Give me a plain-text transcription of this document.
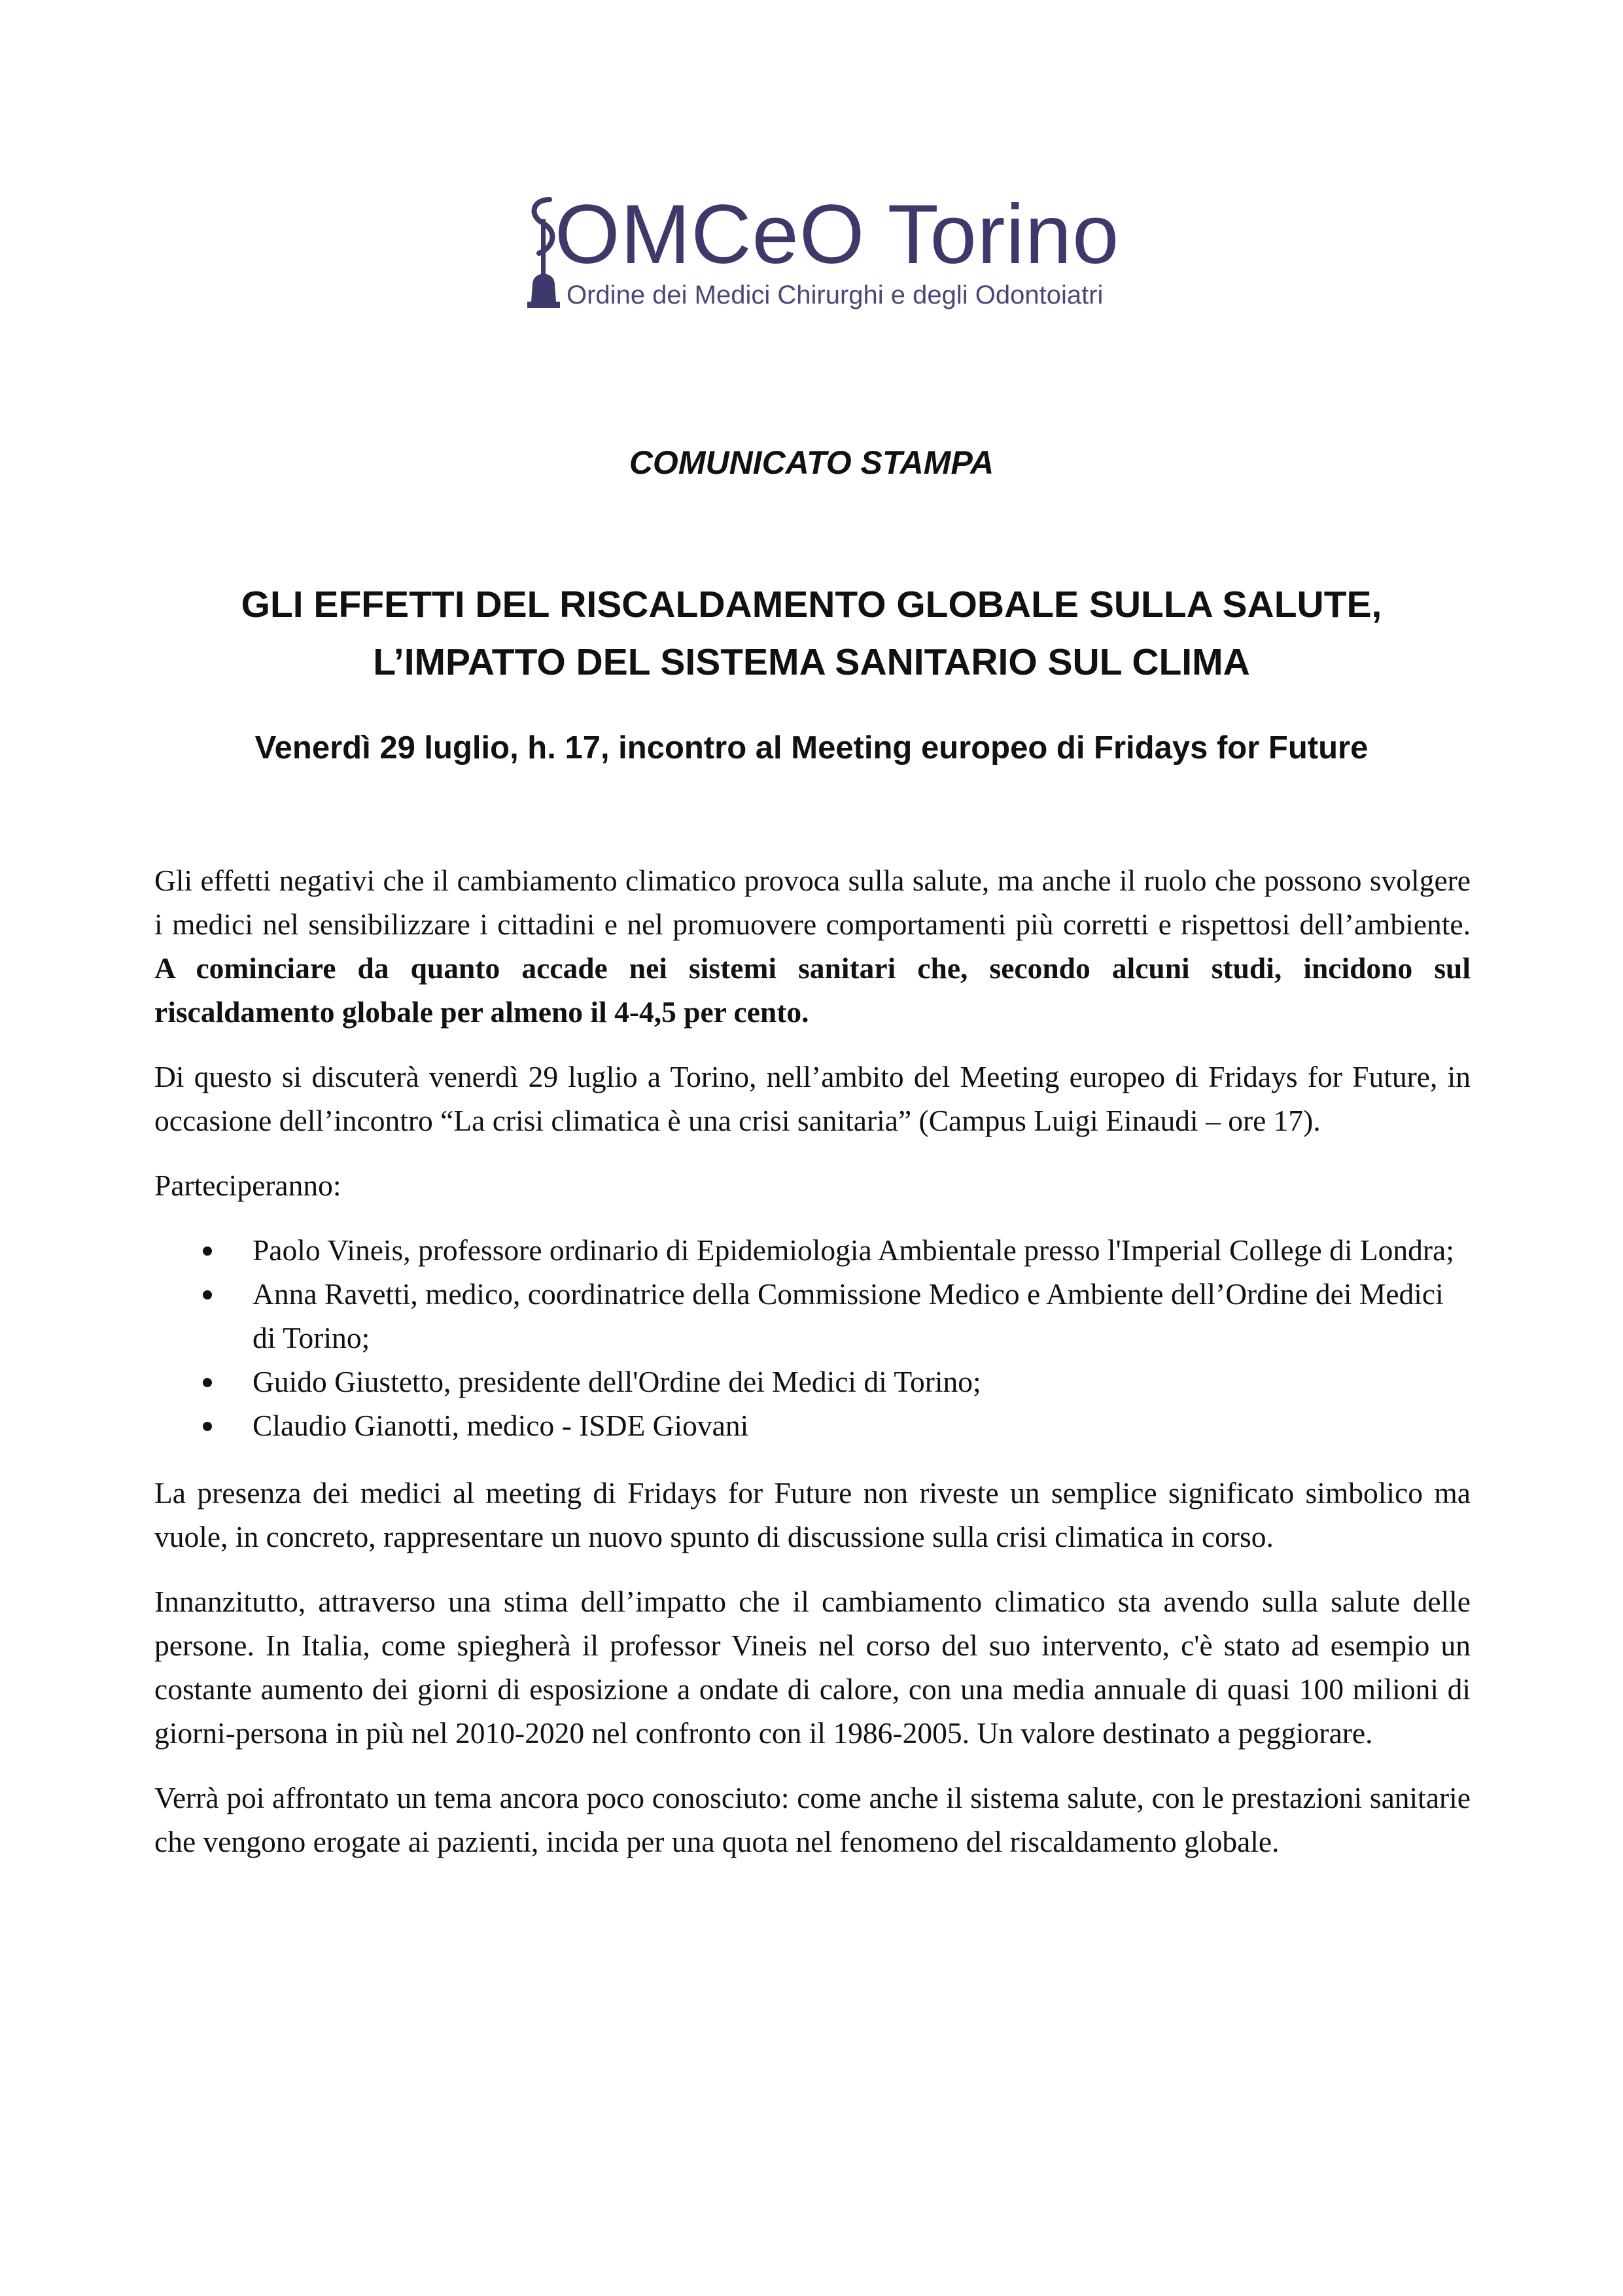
OMCeO Torino
Ordine dei Medici Chirurghi e degli Odontoiatri
COMUNICATO STAMPA
GLI EFFETTI DEL RISCALDAMENTO GLOBALE SULLA SALUTE,
L’IMPATTO DEL SISTEMA SANITARIO SUL CLIMA
Venerdì 29 luglio, h. 17, incontro al Meeting europeo di Fridays for Future

Gli effetti negativi che il cambiamento climatico provoca sulla salute, ma anche il ruolo che possono svolgere i medici nel sensibilizzare i cittadini e nel promuovere comportamenti più corretti e rispettosi dell’ambiente. A cominciare da quanto accade nei sistemi sanitari che, secondo alcuni studi, incidono sul riscaldamento globale per almeno il 4-4,5 per cento.

Di questo si discuterà venerdì 29 luglio a Torino, nell’ambito del Meeting europeo di Fridays for Future, in occasione dell’incontro “La crisi climatica è una crisi sanitaria” (Campus Luigi Einaudi – ore 17).

Parteciperanno:

Paolo Vineis, professore ordinario di Epidemiologia Ambientale presso l'Imperial College di Londra;
Anna Ravetti, medico, coordinatrice della Commissione Medico e Ambiente dell’Ordine dei Medici di Torino;
Guido Giustetto, presidente dell'Ordine dei Medici di Torino;
Claudio Gianotti, medico - ISDE Giovani

La presenza dei medici al meeting di Fridays for Future non riveste un semplice significato simbolico ma vuole, in concreto, rappresentare un nuovo spunto di discussione sulla crisi climatica in corso.

Innanzitutto, attraverso una stima dell’impatto che il cambiamento climatico sta avendo sulla salute delle persone. In Italia, come spiegherà il professor Vineis nel corso del suo intervento, c'è stato ad esempio un costante aumento dei giorni di esposizione a ondate di calore, con una media annuale di quasi 100 milioni di giorni-persona in più nel 2010-2020 nel confronto con il 1986-2005. Un valore destinato a peggiorare.

Verrà poi affrontato un tema ancora poco conosciuto: come anche il sistema salute, con le prestazioni sanitarie che vengono erogate ai pazienti, incida per una quota nel fenomeno del riscaldamento globale.
